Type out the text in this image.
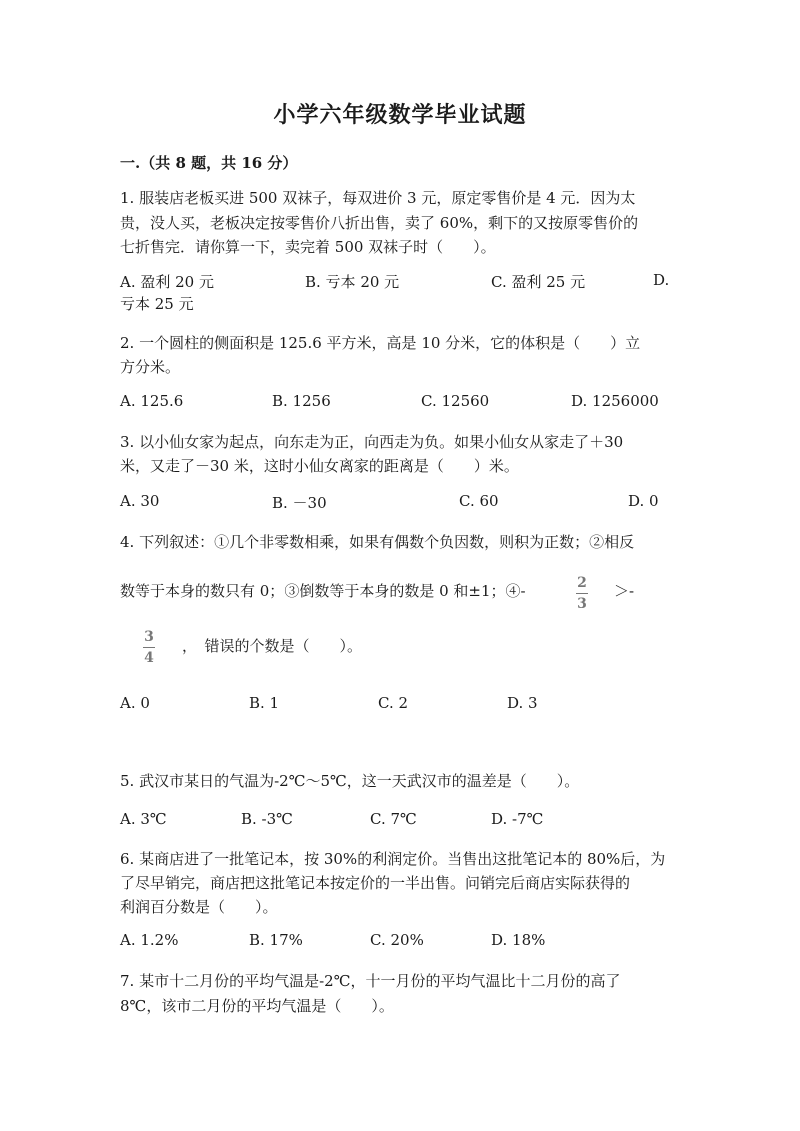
小学六年级数学毕业试题
一.（共 8 题，共 16 分）
1. 服装店老板买进 500 双袜子，每双进价 3 元，原定零售价是 4 元．因为太
贵，没人买，老板决定按零售价八折出售，卖了 60%，剩下的又按原零售价的
七折售完．请你算一下，卖完着 500 双袜子时（　　）。
A. 盈利 20 元	B. 亏本 20 元	C. 盈利 25 元	D.
亏本 25 元
2. 一个圆柱的侧面积是 125.6 平方米，高是 10 分米，它的体积是（　　）立
方分米。
A. 125.6	B. 1256	C. 12560	D. 1256000
3. 以小仙女家为起点，向东走为正，向西走为负。如果小仙女从家走了＋30
米，又走了－30 米，这时小仙女离家的距离是（　　）米。
A. 30	B. －30	C. 60	D. 0
4. 下列叙述：①几个非零数相乘，如果有偶数个负因数，则积为正数；②相反
数等于本身的数只有 0；③倒数等于本身的数是 0 和±1；④-	2
3
＞-
3
4
，　错误的个数是（　　）。
A. 0	B. 1	C. 2	D. 3
5. 武汉市某日的气温为-2℃～5℃，这一天武汉市的温差是（　　）。
A. 3℃	B. -3℃	C. 7℃	D. -7℃
6. 某商店进了一批笔记本，按 30%的利润定价。当售出这批笔记本的 80%后，为
了尽早销完，商店把这批笔记本按定价的一半出售。问销完后商店实际获得的
利润百分数是（　　）。
A. 1.2%	B. 17%	C. 20%	D. 18%
7. 某市十二月份的平均气温是-2℃，十一月份的平均气温比十二月份的高了
8℃，该市二月份的平均气温是（　　）。
